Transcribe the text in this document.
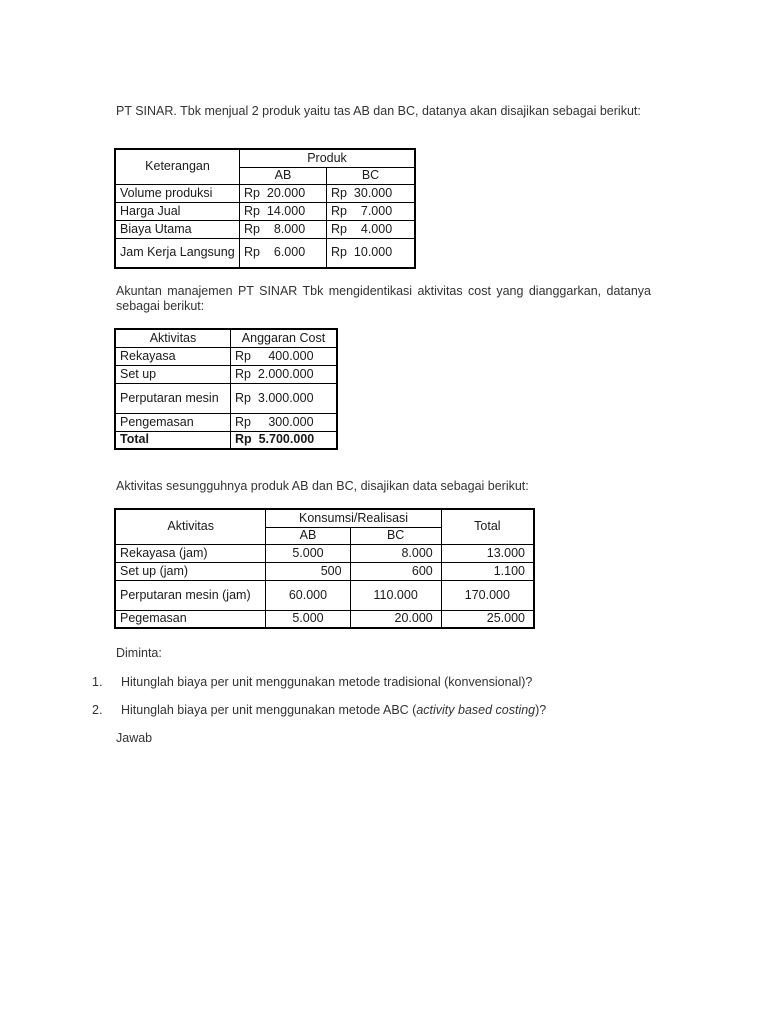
PT SINAR. Tbk menjual 2 produk yaitu tas AB dan BC, datanya akan disajikan sebagai berikut:
Keterangan	Produk	
	AB	BC
Volume produksi	Rp  20.000	Rp  30.000
Harga Jual	Rp  14.000	Rp    7.000
Biaya Utama	Rp    8.000	Rp    4.000
Jam Kerja Langsung	Rp    6.000	Rp  10.000
Akuntan manajemen PT SINAR Tbk mengidentikasi aktivitas cost yang dianggarkan, datanya sebagai berikut:
Aktivitas	Anggaran Cost
Rekayasa	Rp     400.000
Set up	Rp  2.000.000
Perputaran mesin	Rp  3.000.000
Pengemasan	Rp     300.000
Total	Rp  5.700.000
Aktivitas sesungguhnya produk AB dan BC, disajikan data sebagai berikut:
Aktivitas	Konsumsi/Realisasi		Total
	AB	BC	
Rekayasa (jam)	5.000	8.000	13.000
Set up (jam)	500	600	1.100
Perputaran mesin (jam)	60.000	110.000	170.000
Pegemasan	5.000	20.000	25.000
Diminta:
1. Hitunglah biaya per unit menggunakan metode tradisional (konvensional)?
2. Hitunglah biaya per unit menggunakan metode ABC (activity based costing)?
Jawab
